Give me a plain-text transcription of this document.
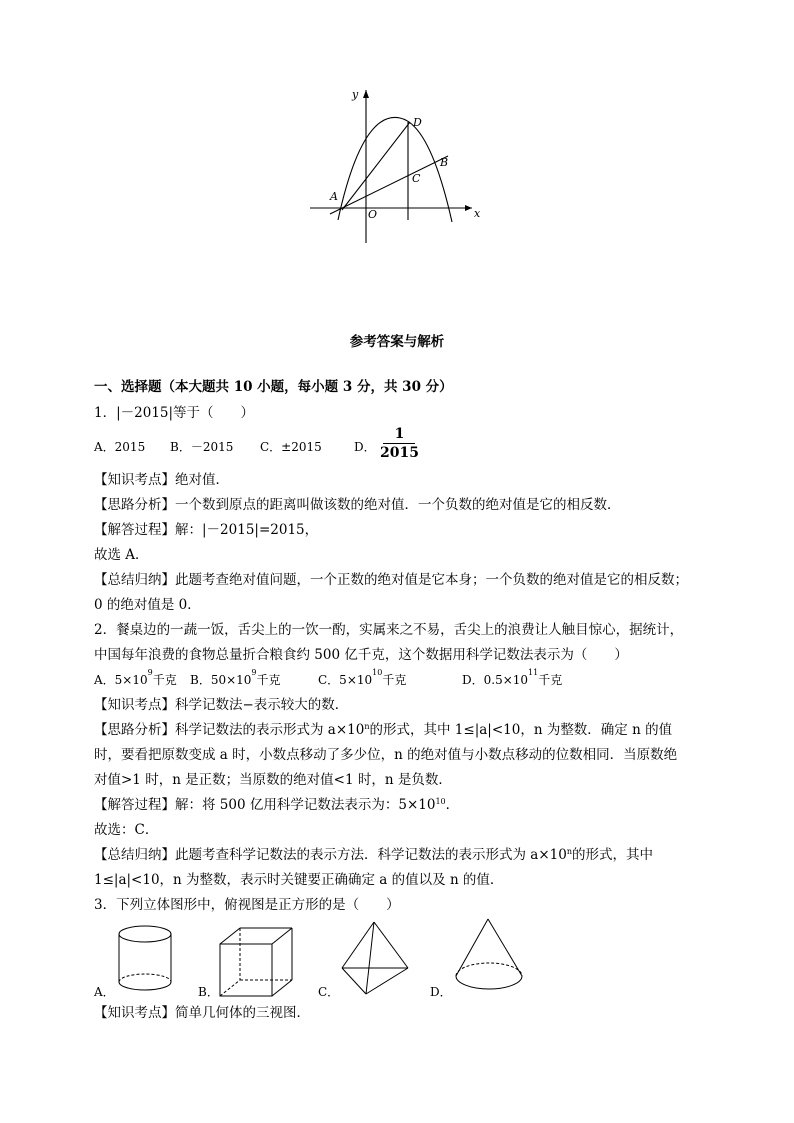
y
x
O
A
B
C
D
参考答案与解析
一、选择题（本大题共 10 小题，每小题 3 分，共 30 分）
1．|－2015|等于（　　）
A．2015 B．－2015 C．±2015	D．
1
2015
【知识考点】绝对值．
【思路分析】一个数到原点的距离叫做该数的绝对值．一个负数的绝对值是它的相反数．
【解答过程】解：|－2015|=2015，
故选 A．
【总结归纳】此题考查绝对值问题，一个正数的绝对值是它本身；一个负数的绝对值是它的相反数；
0 的绝对值是 0．
2．餐桌边的一蔬一饭，舌尖上的一饮一酌，实属来之不易，舌尖上的浪费让人触目惊心，据统计，
中国每年浪费的食物总量折合粮食约 500 亿千克，这个数据用科学记数法表示为（　　）
A．$5\times 10^9$千克 B．$50\times 10^9$千克	C．$5\times 10^{10}$千克	D．$0.5\times 10^{11}$千克
【知识考点】科学记数法−表示较大的数．
【思路分析】科学记数法的表示形式为 $a\times 10^n$的形式，其中 1≤|a|<10，n 为整数．确定 n 的值
时，要看把原数变成 a 时，小数点移动了多少位，n 的绝对值与小数点移动的位数相同．当原数绝
对值>1 时，n 是正数；当原数的绝对值<1 时，n 是负数．
【解答过程】解：将 500 亿用科学记数法表示为：$5\times 10^{10}$．
故选：C．
【总结归纳】此题考查科学记数法的表示方法．科学记数法的表示形式为 $a\times 10^n$的形式，其中
1≤|a|<10，n 为整数，表示时关键要正确确定 a 的值以及 n 的值．
3．下列立体图形中，俯视图是正方形的是（　　）
A．	B．	C．	D．
【知识考点】简单几何体的三视图．
